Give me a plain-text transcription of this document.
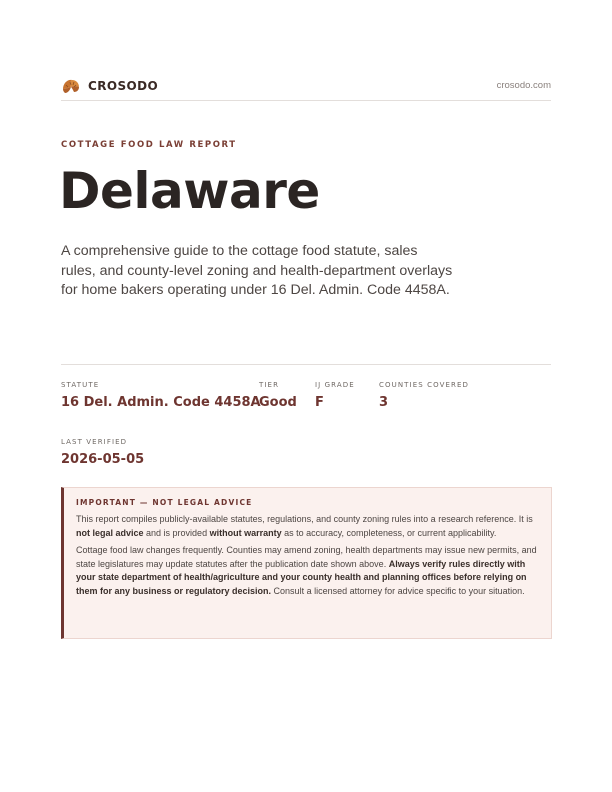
CROSODO	crosodo.com
COTTAGE FOOD LAW REPORT
Delaware
A comprehensive guide to the cottage food statute, sales rules, and county-level zoning and health-department overlays for home bakers operating under 16 Del. Admin. Code 4458A.
STATUTE
16 Del. Admin. Code 4458A
TIER
Good
IJ GRADE
F
COUNTIES COVERED
3
LAST VERIFIED
2026-05-05
IMPORTANT — NOT LEGAL ADVICE

This report compiles publicly-available statutes, regulations, and county zoning rules into a research reference. It is not legal advice and is provided without warranty as to accuracy, completeness, or current applicability.

Cottage food law changes frequently. Counties may amend zoning, health departments may issue new permits, and state legislatures may update statutes after the publication date shown above. Always verify rules directly with your state department of health/agriculture and your county health and planning offices before relying on them for any business or regulatory decision. Consult a licensed attorney for advice specific to your situation.
